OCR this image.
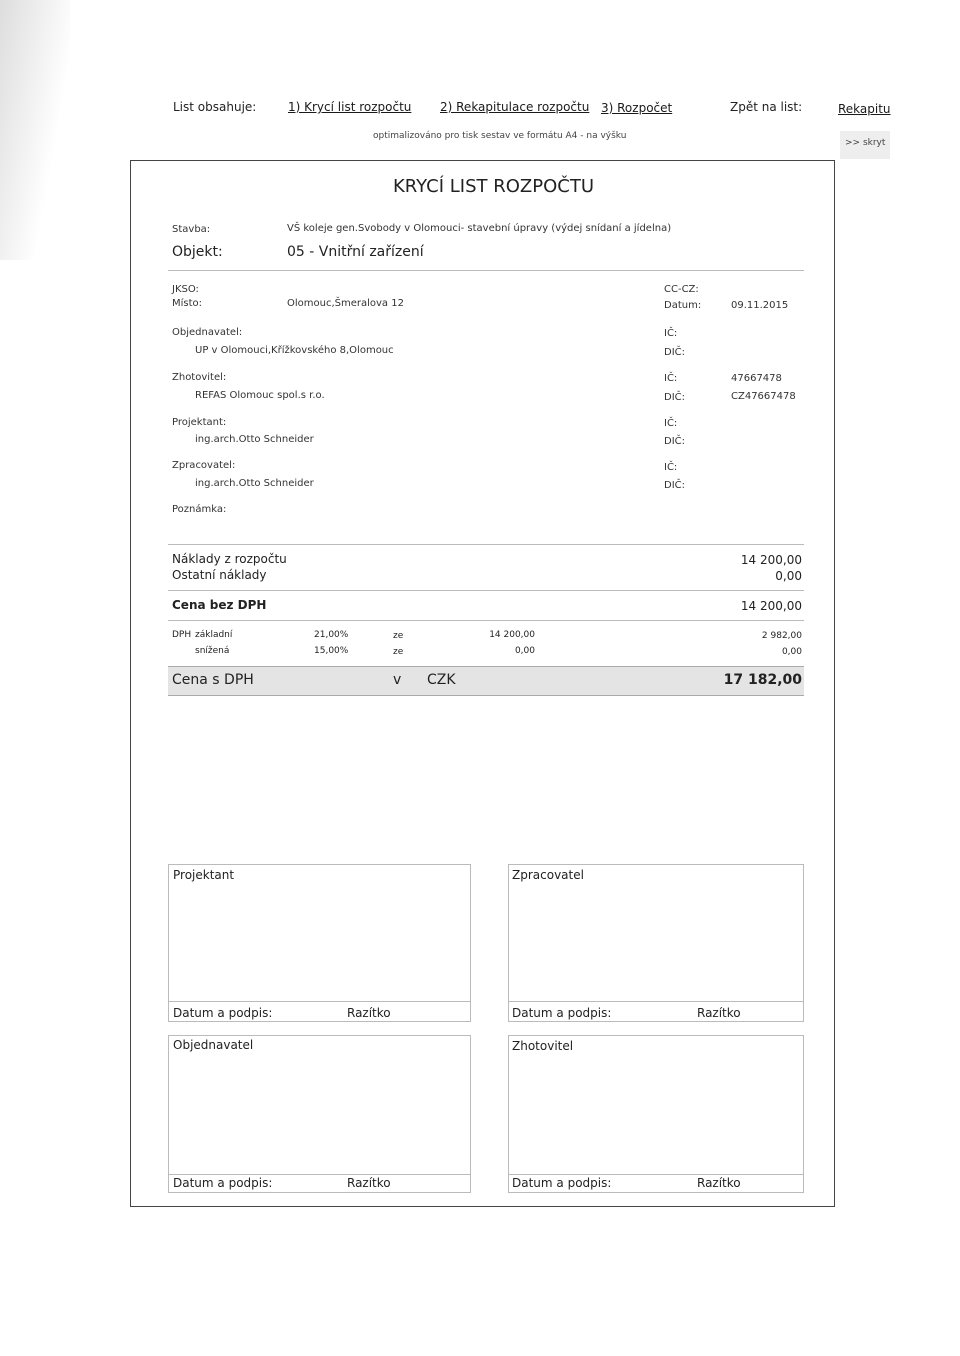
List obsahuje:	1) Krycí list rozpočtu 2) Rekapitulace rozpočtu 3) Rozpočet	Zpět na list:	Rekapitu
optimalizováno pro tisk sestav ve formátu A4 - na výšku
>> skryt
KRYCÍ LIST ROZPOČTU
Stavba:	VŠ koleje gen.Svobody v Olomouci- stavební úpravy (výdej snídaní a jídelna)
Objekt:	05 - Vnitřní zařízení
JKSO:
Místo:	Olomouc,Šmeralova 12
CC-CZ:
Datum:	09.11.2015
Objednavatel:
UP v Olomouci,Křížkovského 8,Olomouc
IČ:
DIČ:
Zhotovitel:
REFAS Olomouc spol.s r.o.
IČ:	47667478
DIČ:	CZ47667478
Projektant:
ing.arch.Otto Schneider
IČ:
DIČ:
Zpracovatel:
ing.arch.Otto Schneider
IČ:
DIČ:
Poznámka:
Náklady z rozpočtu	14 200,00
Ostatní náklady	0,00
Cena bez DPH	14 200,00
DPH základní	21,00%	ze	14 200,00	2 982,00
snížená	15,00%	ze	0,00	0,00
Cena s DPH	v CZK	17 182,00
Projektant
Datum a podpis:	Razítko
Zpracovatel
Datum a podpis:	Razítko
Objednavatel
Datum a podpis:	Razítko
Zhotovitel
Datum a podpis:	Razítko
